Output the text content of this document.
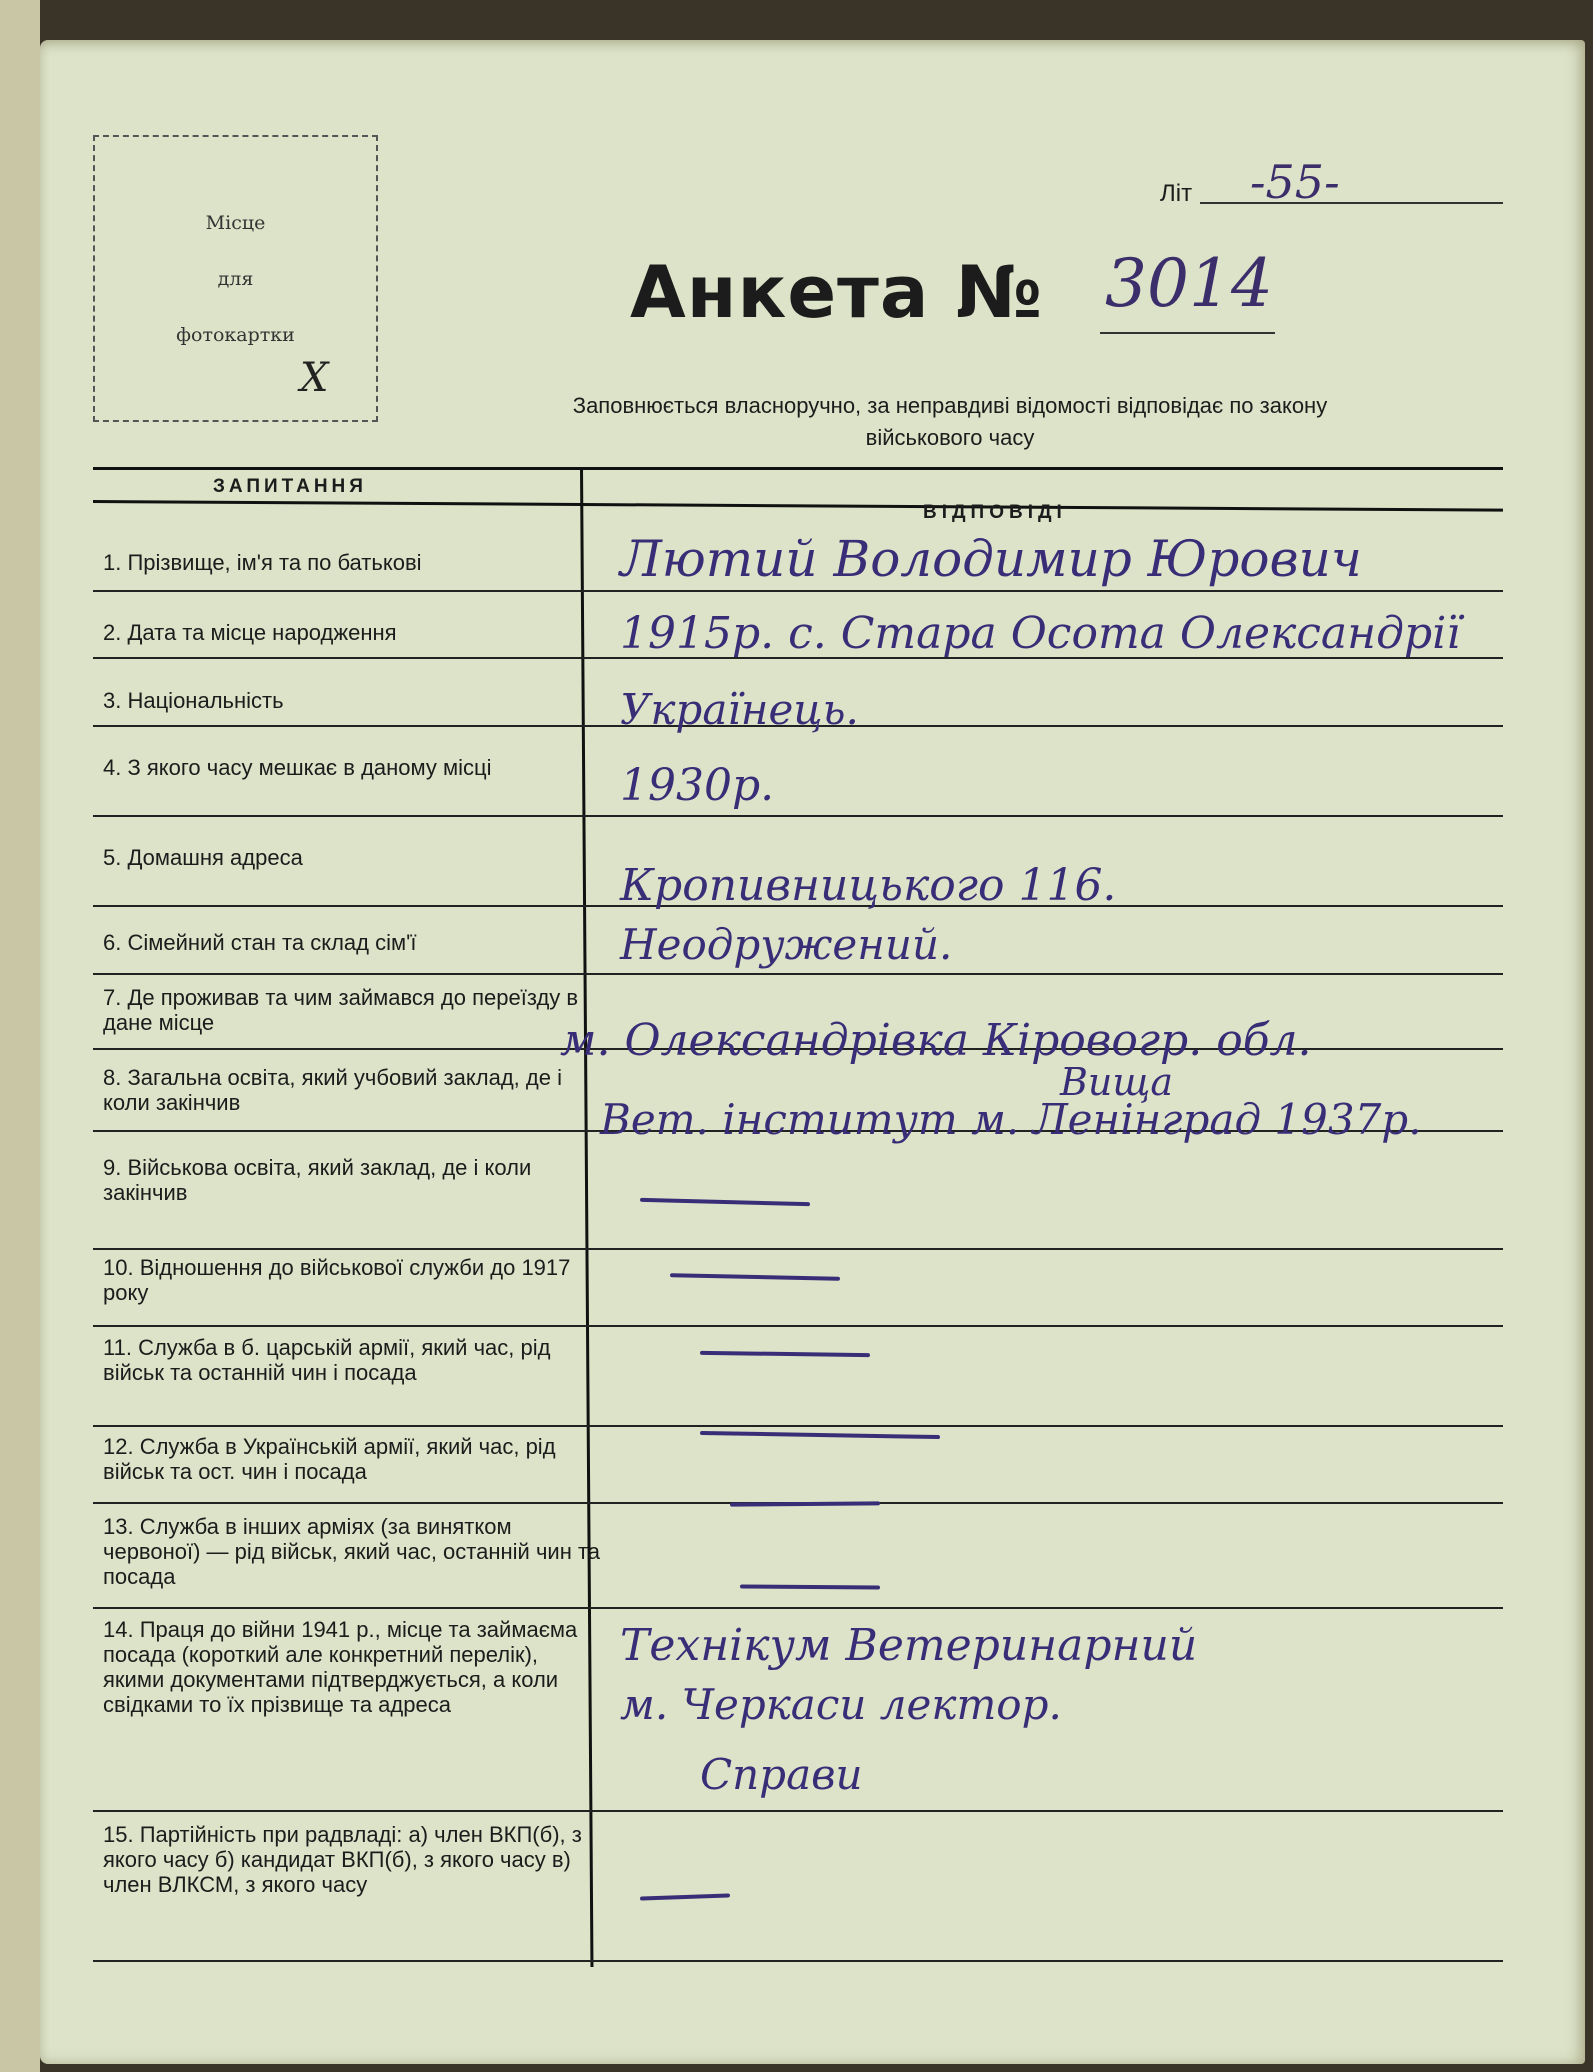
Місце
для
фотокартки
Х
Літ -55-
Анкета № 3014
Заповнюється власноручно, за неправдиві відомості відповідає по закону
військового часу
ЗАПИТАННЯ
ВІДПОВІДІ
1. Прізвище, ім'я та по батькові
2. Дата та місце народження
3. Національність
4. З якого часу мешкає в даному місці
5. Домашня адреса
6. Сімейний стан та склад сім'ї
7. Де проживав та чим займався до переїзду в дане місце
8. Загальна освіта, який учбовий заклад, де і коли закінчив
9. Військова освіта, який заклад, де і коли закінчив
10. Відношення до військової служби до 1917 року
11. Служба в б. царській армії, який час, рід військ та останній чин і посада
12. Служба в Українській армії, який час, рід військ та ост. чин і посада
13. Служба в інших арміях (за винятком червоної) — рід військ, який час, останній чин та посада
14. Праця до війни 1941 р., місце та займаєма посада (короткий але конкретний перелік), якими документами підтверджується, а коли свідками то їх прізвище та адреса
15. Партійність при радвладі: а) член ВКП(б), з якого часу б) кандидат ВКП(б), з якого часу в) член ВЛКСМ, з якого часу
Лютий Володимир Юрович
1915р. с. Стара Осота Олександрії
Українець.
1930р.
Кропивницького 116.
Неодружений.
м. Олександрівка Кіровогр. обл.
Вища
Вет. інститут м. Ленінград 1937р.
Технікум Ветеринарний
м. Черкаси лектор.
Справи
